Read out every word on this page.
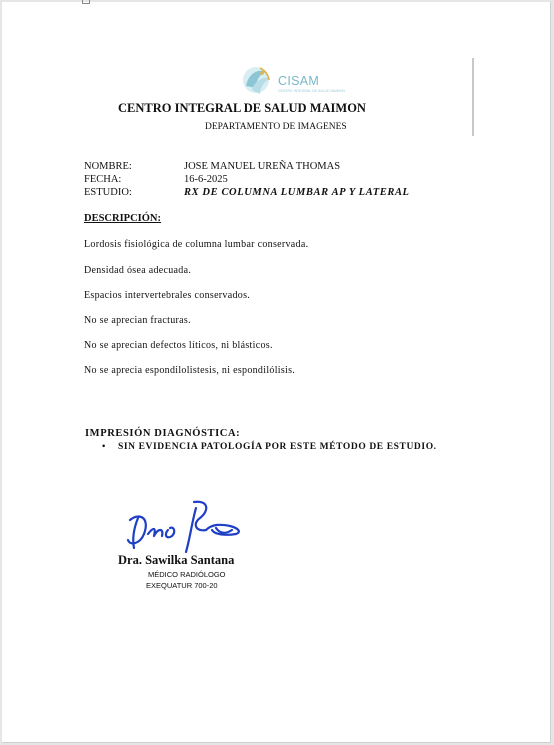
CISAM
CENTRO INTEGRAL DE SALUD MAIMON
CENTRO INTEGRAL DE SALUD MAIMON
DEPARTAMENTO DE IMAGENES
NOMBRE:	JOSE MANUEL UREÑA THOMAS
FECHA:	16-6-2025
ESTUDIO:	RX DE COLUMNA LUMBAR AP Y LATERAL
DESCRIPCIÓN:
Lordosis fisiológica de columna lumbar conservada.
Densidad ósea adecuada.
Espacios intervertebrales conservados.
No se aprecian fracturas.
No se aprecian defectos líticos, ni blásticos.
No se aprecia espondilolistesis, ni espondilólisis.
IMPRESIÓN DIAGNÓSTICA:
• SIN EVIDENCIA PATOLOGÍA POR ESTE MÉTODO DE ESTUDIO.
Dra. Sawilka Santana
MÉDICO RADIÓLOGO
EXEQUATUR 700-20
